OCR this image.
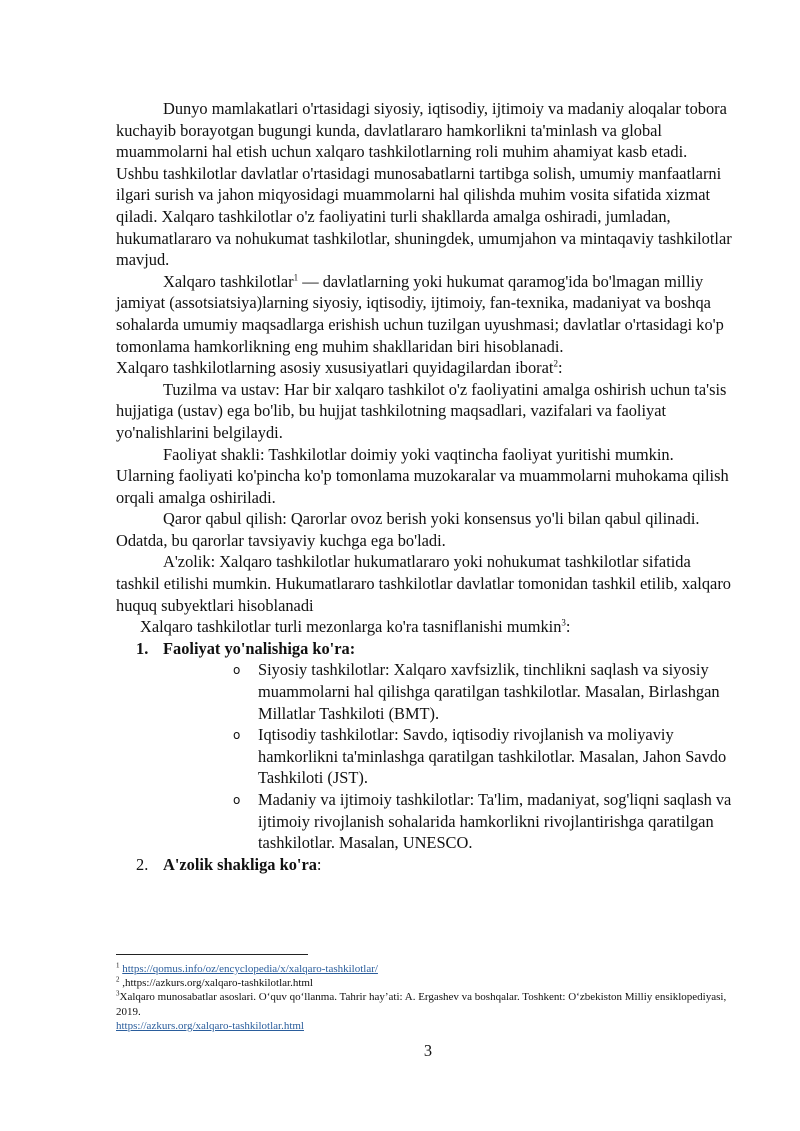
Dunyo mamlakatlari o'rtasidagi siyosiy, iqtisodiy, ijtimoiy va madaniy aloqalar tobora kuchayib borayotgan bugungi kunda, davlatlararo hamkorlikni ta'minlash va global muammolarni hal etish uchun xalqaro tashkilotlarning roli muhim ahamiyat kasb etadi. Ushbu tashkilotlar davlatlar o'rtasidagi munosabatlarni tartibga solish, umumiy manfaatlarni ilgari surish va jahon miqyosidagi muammolarni hal qilishda muhim vosita sifatida xizmat qiladi. Xalqaro tashkilotlar o'z faoliyatini turli shakllarda amalga oshiradi, jumladan, hukumatlararo va nohukumat tashkilotlar, shuningdek, umumjahon va mintaqaviy tashkilotlar mavjud.

Xalqaro tashkilotlar$^1$ — davlatlarning yoki hukumat qaramog'ida bo'lmagan milliy jamiyat (assotsiatsiya)larning siyosiy, iqtisodiy, ijtimoiy, fan-texnika, madaniyat va boshqa sohalarda umumiy maqsadlarga erishish uchun tuzilgan uyushmasi; davlatlar o'rtasidagi ko'p tomonlama hamkorlikning eng muhim shakllaridan biri hisoblanadi.

Xalqaro tashkilotlarning asosiy xususiyatlari quyidagilardan iborat$^2$:

Tuzilma va ustav: Har bir xalqaro tashkilot o'z faoliyatini amalga oshirish uchun ta'sis hujjatiga (ustav) ega bo'lib, bu hujjat tashkilotning maqsadlari, vazifalari va faoliyat yo'nalishlarini belgilaydi.

Faoliyat shakli: Tashkilotlar doimiy yoki vaqtincha faoliyat yuritishi mumkin. Ularning faoliyati ko'pincha ko'p tomonlama muzokaralar va muammolarni muhokama qilish orqali amalga oshiriladi.

Qaror qabul qilish: Qarorlar ovoz berish yoki konsensus yo'li bilan qabul qilinadi. Odatda, bu qarorlar tavsiyaviy kuchga ega bo'ladi.

A'zolik: Xalqaro tashkilotlar hukumatlararo yoki nohukumat tashkilotlar sifatida tashkil etilishi mumkin. Hukumatlararo tashkilotlar davlatlar tomonidan tashkil etilib, xalqaro huquq subyektlari hisoblanadi

Xalqaro tashkilotlar turli mezonlarga ko'ra tasniflanishi mumkin$^3$:

1. Faoliyat yo'nalishiga ko'ra:
o Siyosiy tashkilotlar: Xalqaro xavfsizlik, tinchlikni saqlash va siyosiy muammolarni hal qilishga qaratilgan tashkilotlar. Masalan, Birlashgan Millatlar Tashkiloti (BMT).
o Iqtisodiy tashkilotlar: Savdo, iqtisodiy rivojlanish va moliyaviy hamkorlikni ta'minlashga qaratilgan tashkilotlar. Masalan, Jahon Savdo Tashkiloti (JST).
o Madaniy va ijtimoiy tashkilotlar: Ta'lim, madaniyat, sog'liqni saqlash va ijtimoiy rivojlanish sohalarida hamkorlikni rivojlantirishga qaratilgan tashkilotlar. Masalan, UNESCO.
2. A'zolik shakliga ko'ra:

$^1$ https://qomus.info/oz/encyclopedia/x/xalqaro-tashkilotlar/

$^2$ ,https://azkurs.org/xalqaro-tashkilotlar.html

$^3$Xalqaro munosabatlar asoslari. O‘quv qo‘llanma. Tahrir hay’ati: A. Ergashev va boshqalar. Toshkent: O‘zbekiston Milliy ensiklopediyasi, 2019.

https://azkurs.org/xalqaro-tashkilotlar.html

3
